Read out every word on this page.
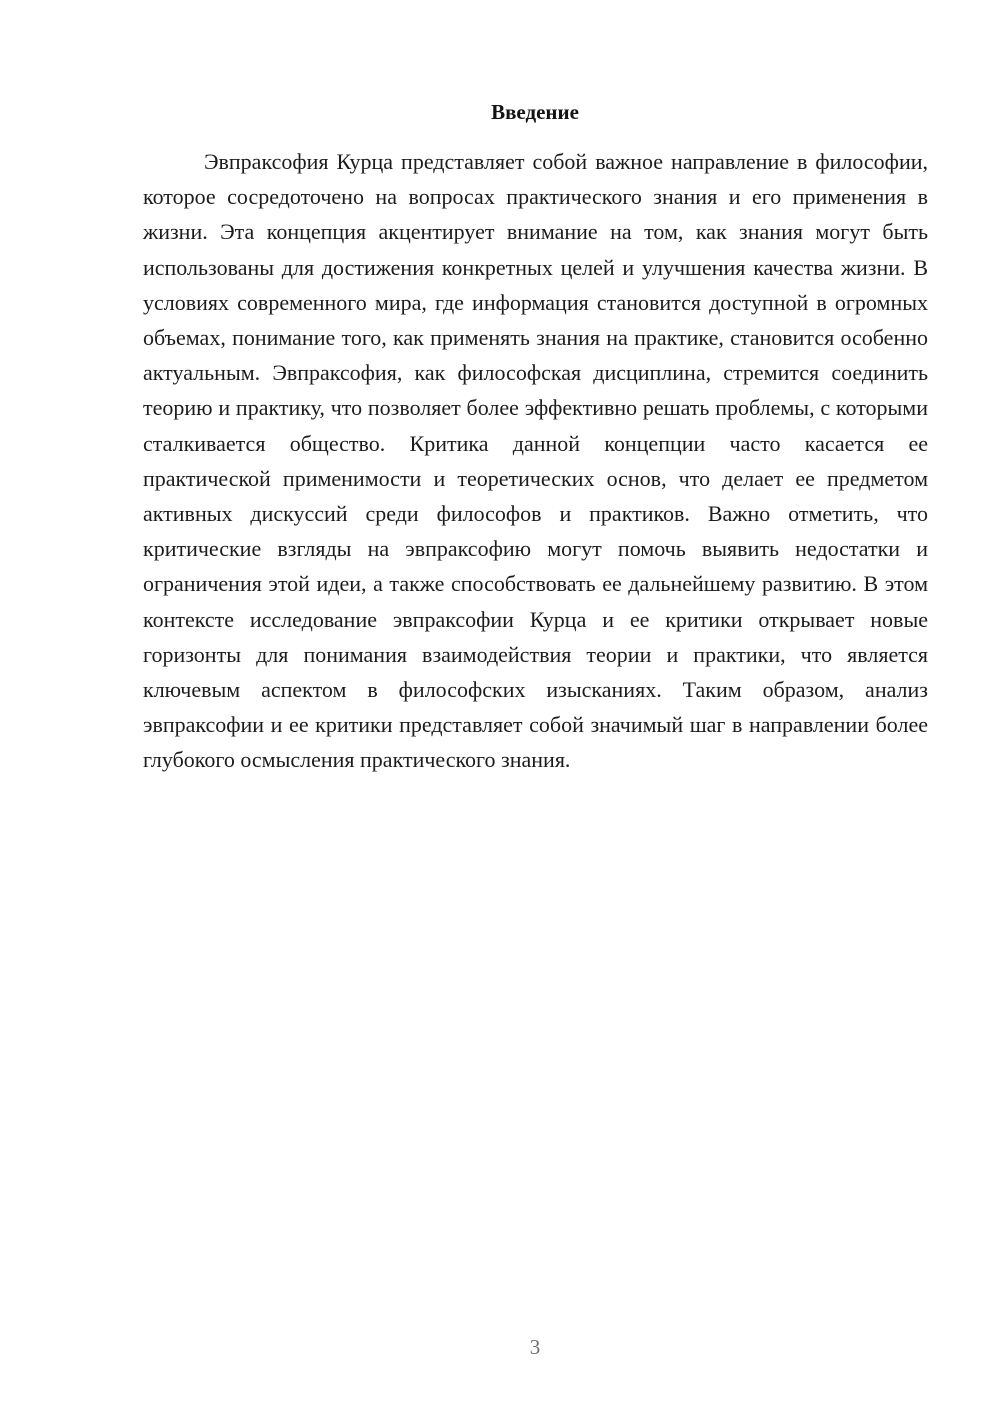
Введение

Эвпраксофия Курца представляет собой важное направление в философии, которое сосредоточено на вопросах практического знания и его применения в жизни. Эта концепция акцентирует внимание на том, как знания могут быть использованы для достижения конкретных целей и улучшения качества жизни. В условиях современного мира, где информация становится доступной в огромных объемах, понимание того, как применять знания на практике, становится особенно актуальным. Эвпраксофия, как философская дисциплина, стремится соединить теорию и практику, что позволяет более эффективно решать проблемы, с которыми сталкивается общество. Критика данной концепции часто касается ее практической применимости и теоретических основ, что делает ее предметом активных дискуссий среди философов и практиков. Важно отметить, что критические взгляды на эвпраксофию могут помочь выявить недостатки и ограничения этой идеи, а также способствовать ее дальнейшему развитию. В этом контексте исследование эвпраксофии Курца и ее критики открывает новые горизонты для понимания взаимодействия теории и практики, что является ключевым аспектом в философских изысканиях. Таким образом, анализ эвпраксофии и ее критики представляет собой значимый шаг в направлении более глубокого осмысления практического знания.

3
